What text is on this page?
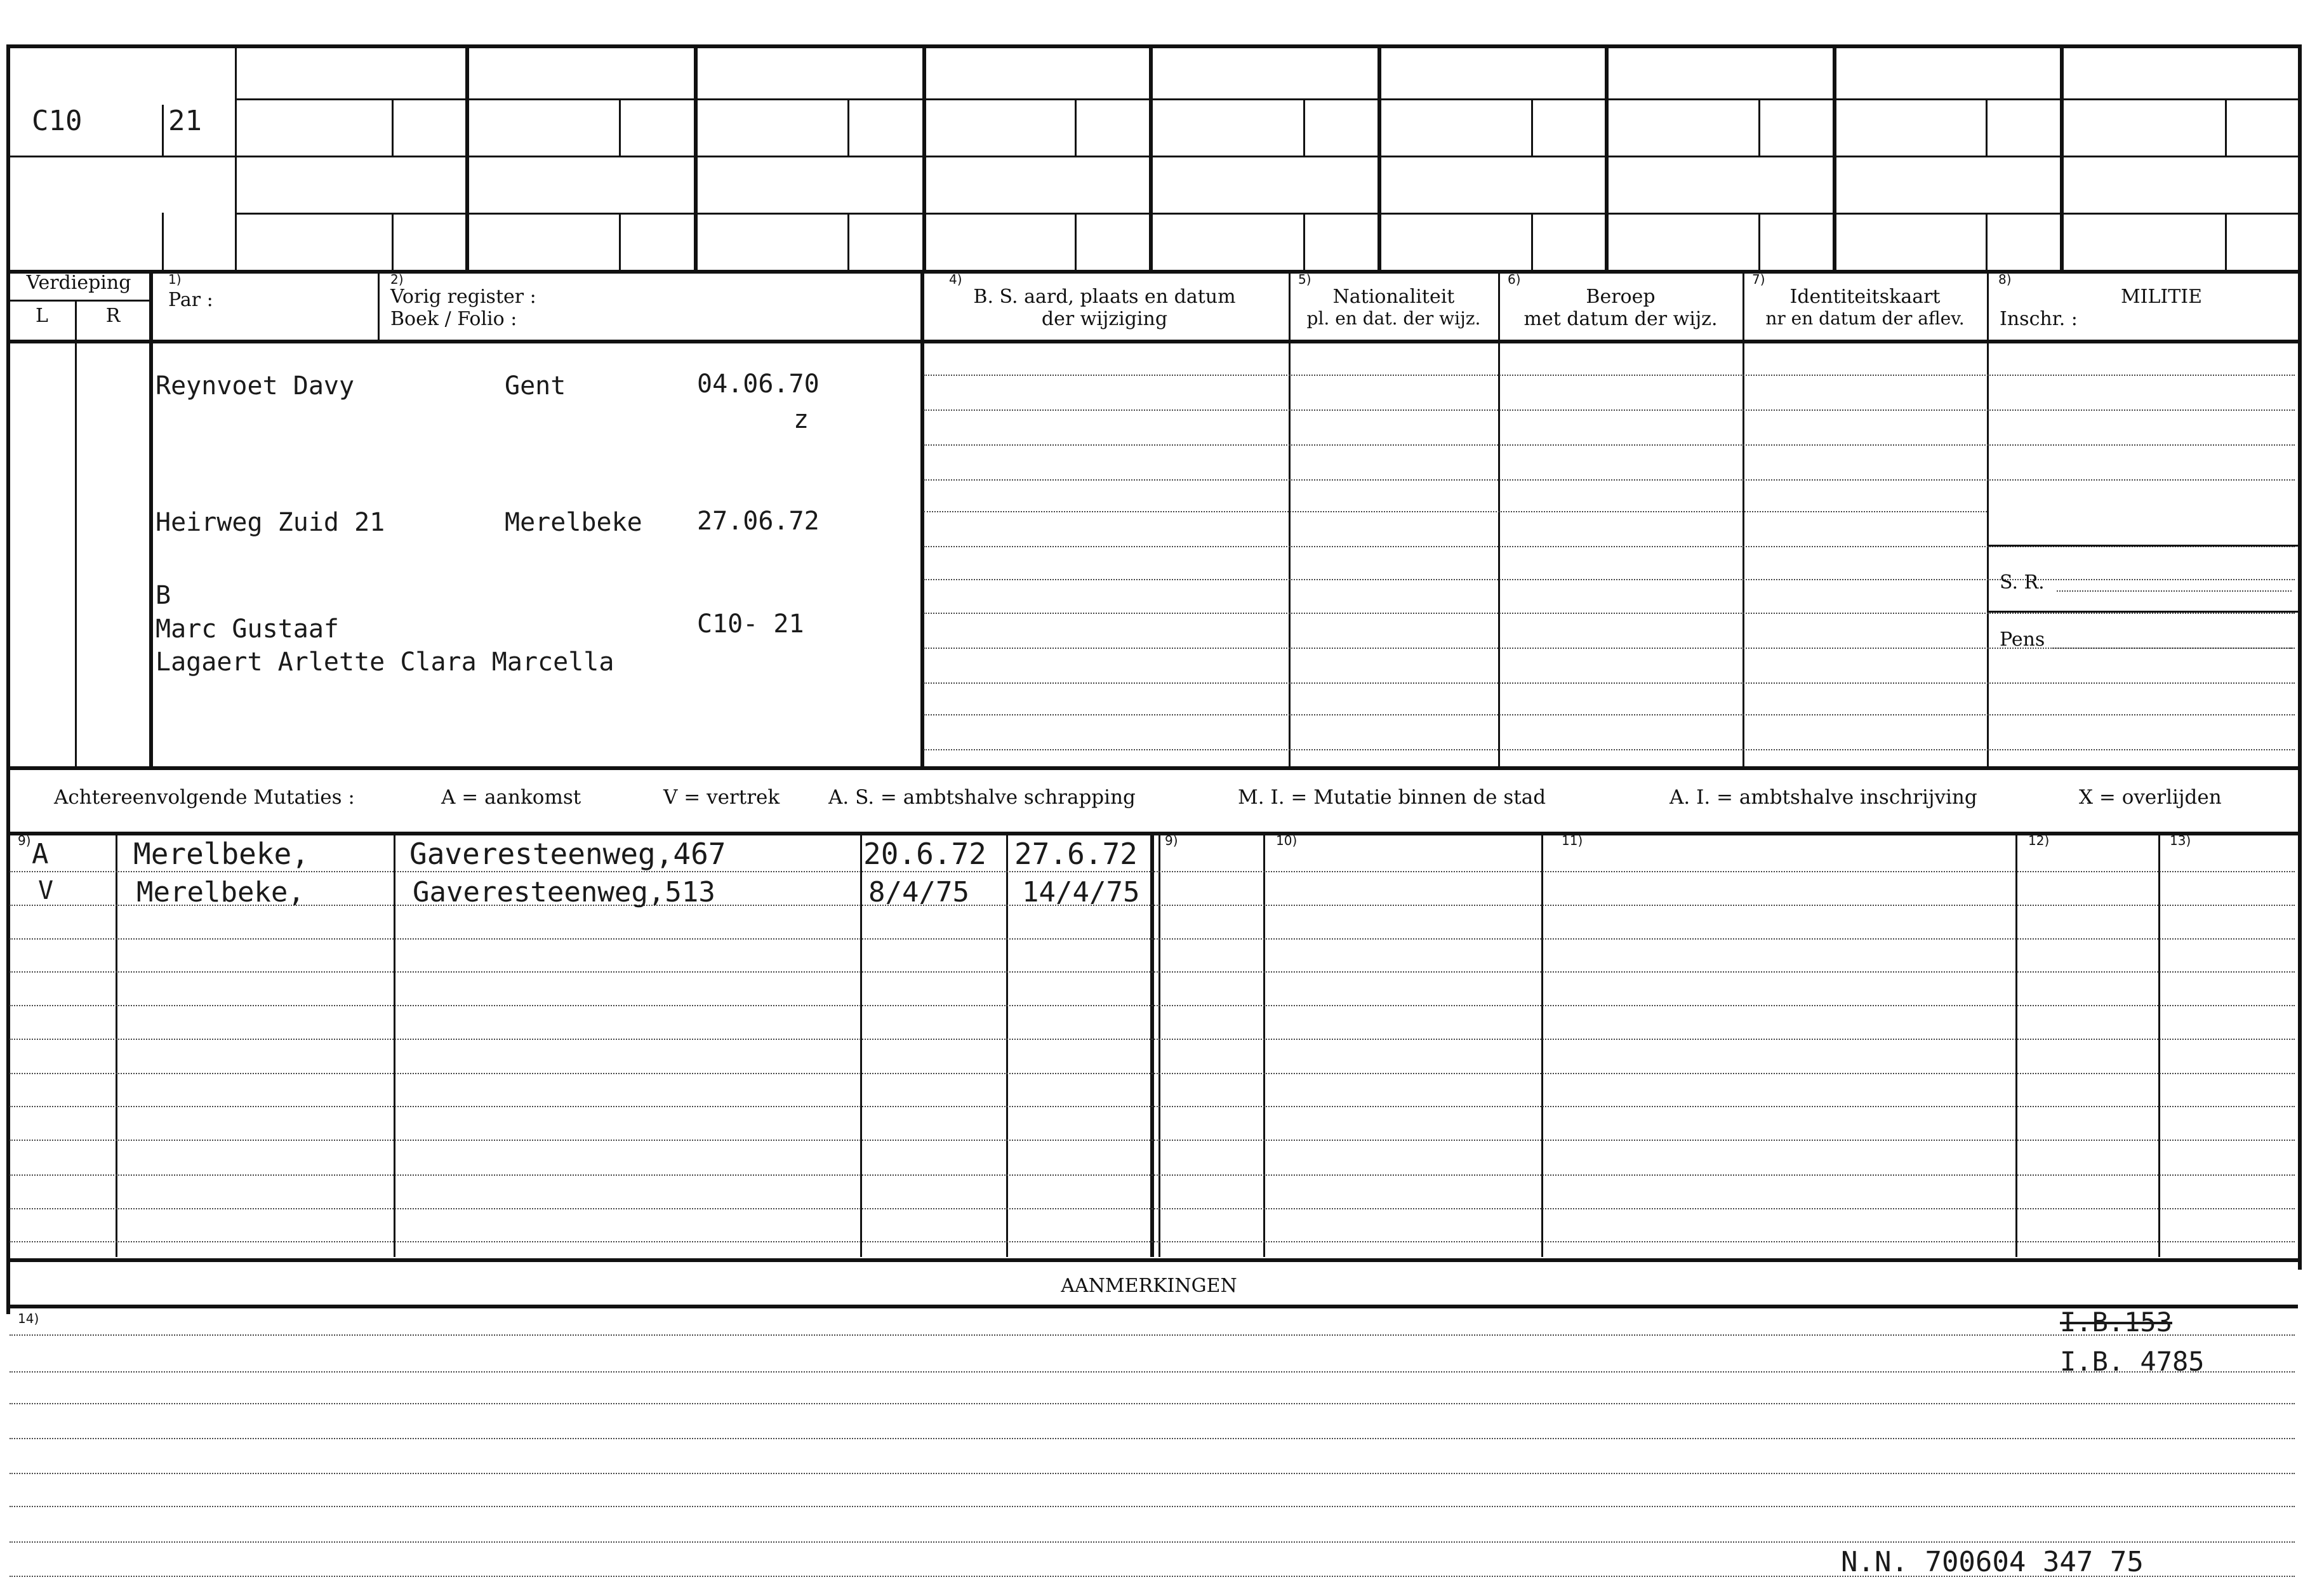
C10	21
Verdieping
L	R
1)
Par :
2)
Vorig register :
Boek / Folio :
4)
B. S. aard, plaats en datum
der wijziging
5)
Nationaliteit
pl. en dat. der wijz.
6)
Beroep
met datum der wijz.
7)
Identiteitskaart
nr en datum der aflev.
8)
MILITIE
Inschr. :
Reynvoet Davy	Gent	04.06.70
z
Heirweg Zuid 21	Merelbeke 27.06.72
B
Marc Gustaaf	C10- 21
Lagaert Arlette Clara Marcella
S. R.
Pens
Achtereenvolgende Mutaties :	A = aankomst	V = vertrek A. S. = ambtshalve schrapping	M. I. = Mutatie binnen de stad	A. I. = ambtshalve inschrijving	X = overlijden
9)	9)	10)	11)	12)	13)
A	Merelbeke,	Gaveresteenweg,467	20.6.72 27.6.72
V	Merelbeke,	Gaveresteenweg,513	8/4/75 14/4/75
AANMERKINGEN
14)	I.B.153
I.B. 4785
N.N. 700604 347 75
